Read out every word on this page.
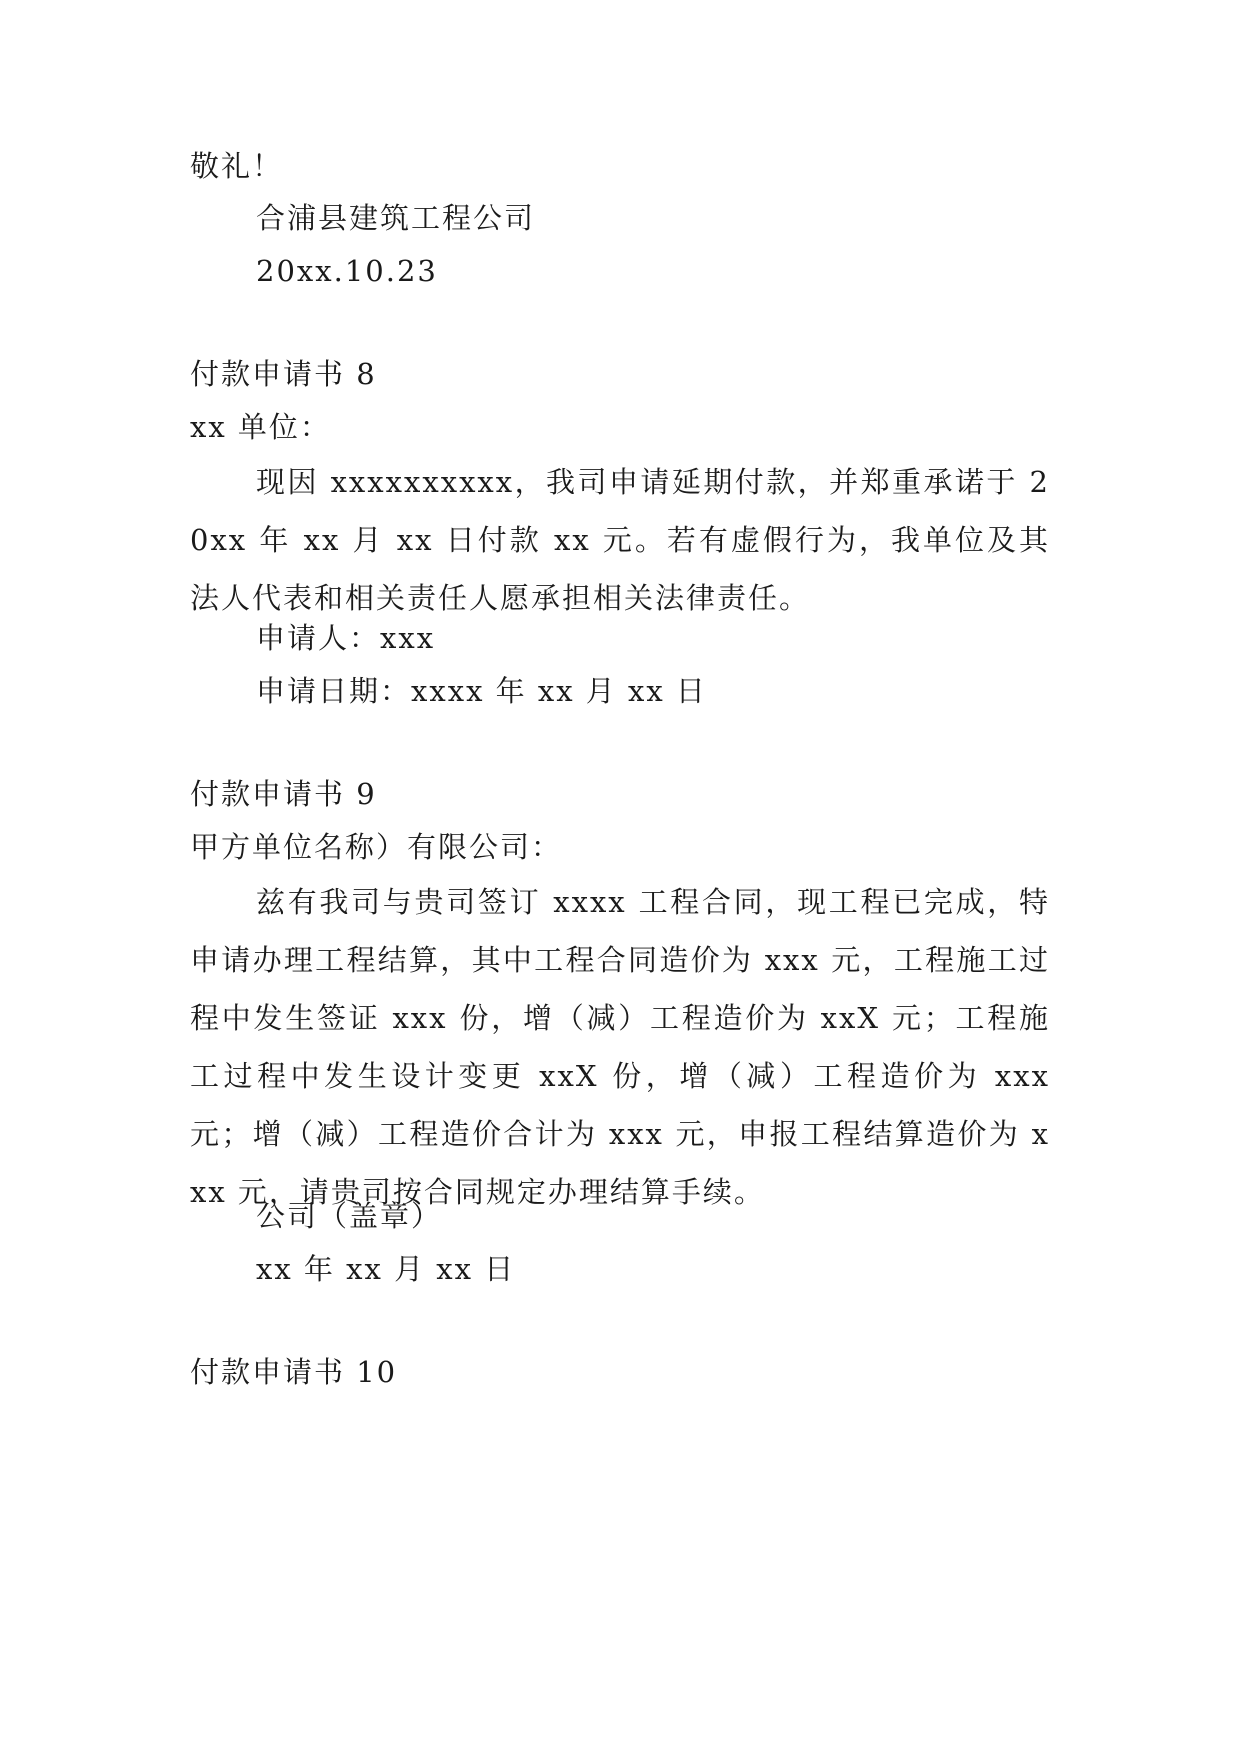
敬礼！
合浦县建筑工程公司
20xx.10.23
付款申请书 8
xx 单位：
现因 xxxxxxxxxx，我司申请延期付款，并郑重承诺于 20xx 年 xx 月 xx 日付款 xx 元。若有虚假行为，我单位及其法人代表和相关责任人愿承担相关法律责任。
申请人：xxx
申请日期：xxxx 年 xx 月 xx 日
付款申请书 9
甲方单位名称）有限公司：
兹有我司与贵司签订 xxxx 工程合同，现工程已完成，特申请办理工程结算，其中工程合同造价为 xxx 元，工程施工过程中发生签证 xxx 份，增（减）工程造价为 xxX 元；工程施工过程中发生设计变更 xxX 份，增（减）工程造价为 xxx 元；增（减）工程造价合计为 xxx 元，申报工程结算造价为 xxx 元，请贵司按合同规定办理结算手续。
公司（盖章）
xx 年 xx 月 xx 日
付款申请书 10
